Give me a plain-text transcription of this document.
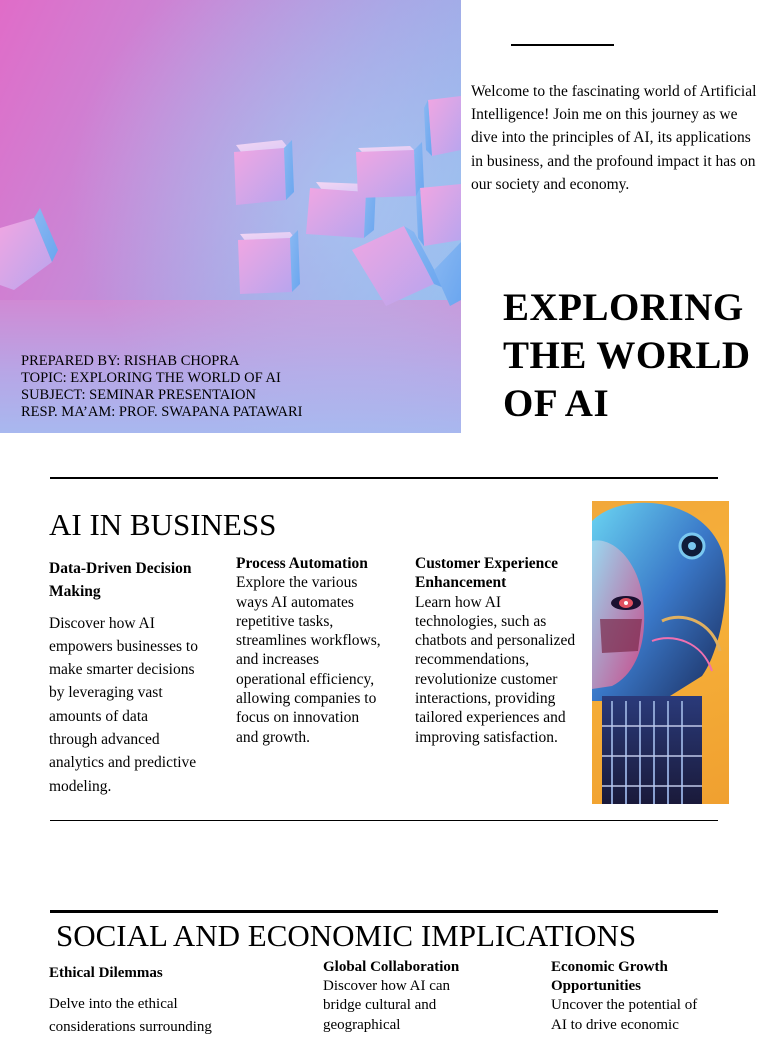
PREPARED BY: RISHAB CHOPRA
TOPIC: EXPLORING THE WORLD OF AI
SUBJECT: SEMINAR PRESENTAION
RESP. MA’AM: PROF. SWAPANA PATAWARI
Welcome to the fascinating world of Artificial Intelligence! Join me on this journey as we dive into the principles of AI, its applications in business, and the profound impact it has on our society and economy.
EXPLORING
THE WORLD
OF AI
AI IN BUSINESS
Data-Driven Decision Making
Discover how AI empowers businesses to make smarter decisions by leveraging vast amounts of data through advanced analytics and predictive modeling.
Process Automation
Explore the various ways AI automates repetitive tasks, streamlines workflows, and increases operational efficiency, allowing companies to focus on innovation and growth.
Customer Experience Enhancement
Learn how AI technologies, such as chatbots and personalized recommendations, revolutionize customer interactions, providing tailored experiences and improving satisfaction.
SOCIAL AND ECONOMIC IMPLICATIONS
Ethical Dilemmas
Delve into the ethical considerations surrounding
Global Collaboration
Discover how AI can bridge cultural and geographical
Economic Growth Opportunities
Uncover the potential of AI to drive economic
